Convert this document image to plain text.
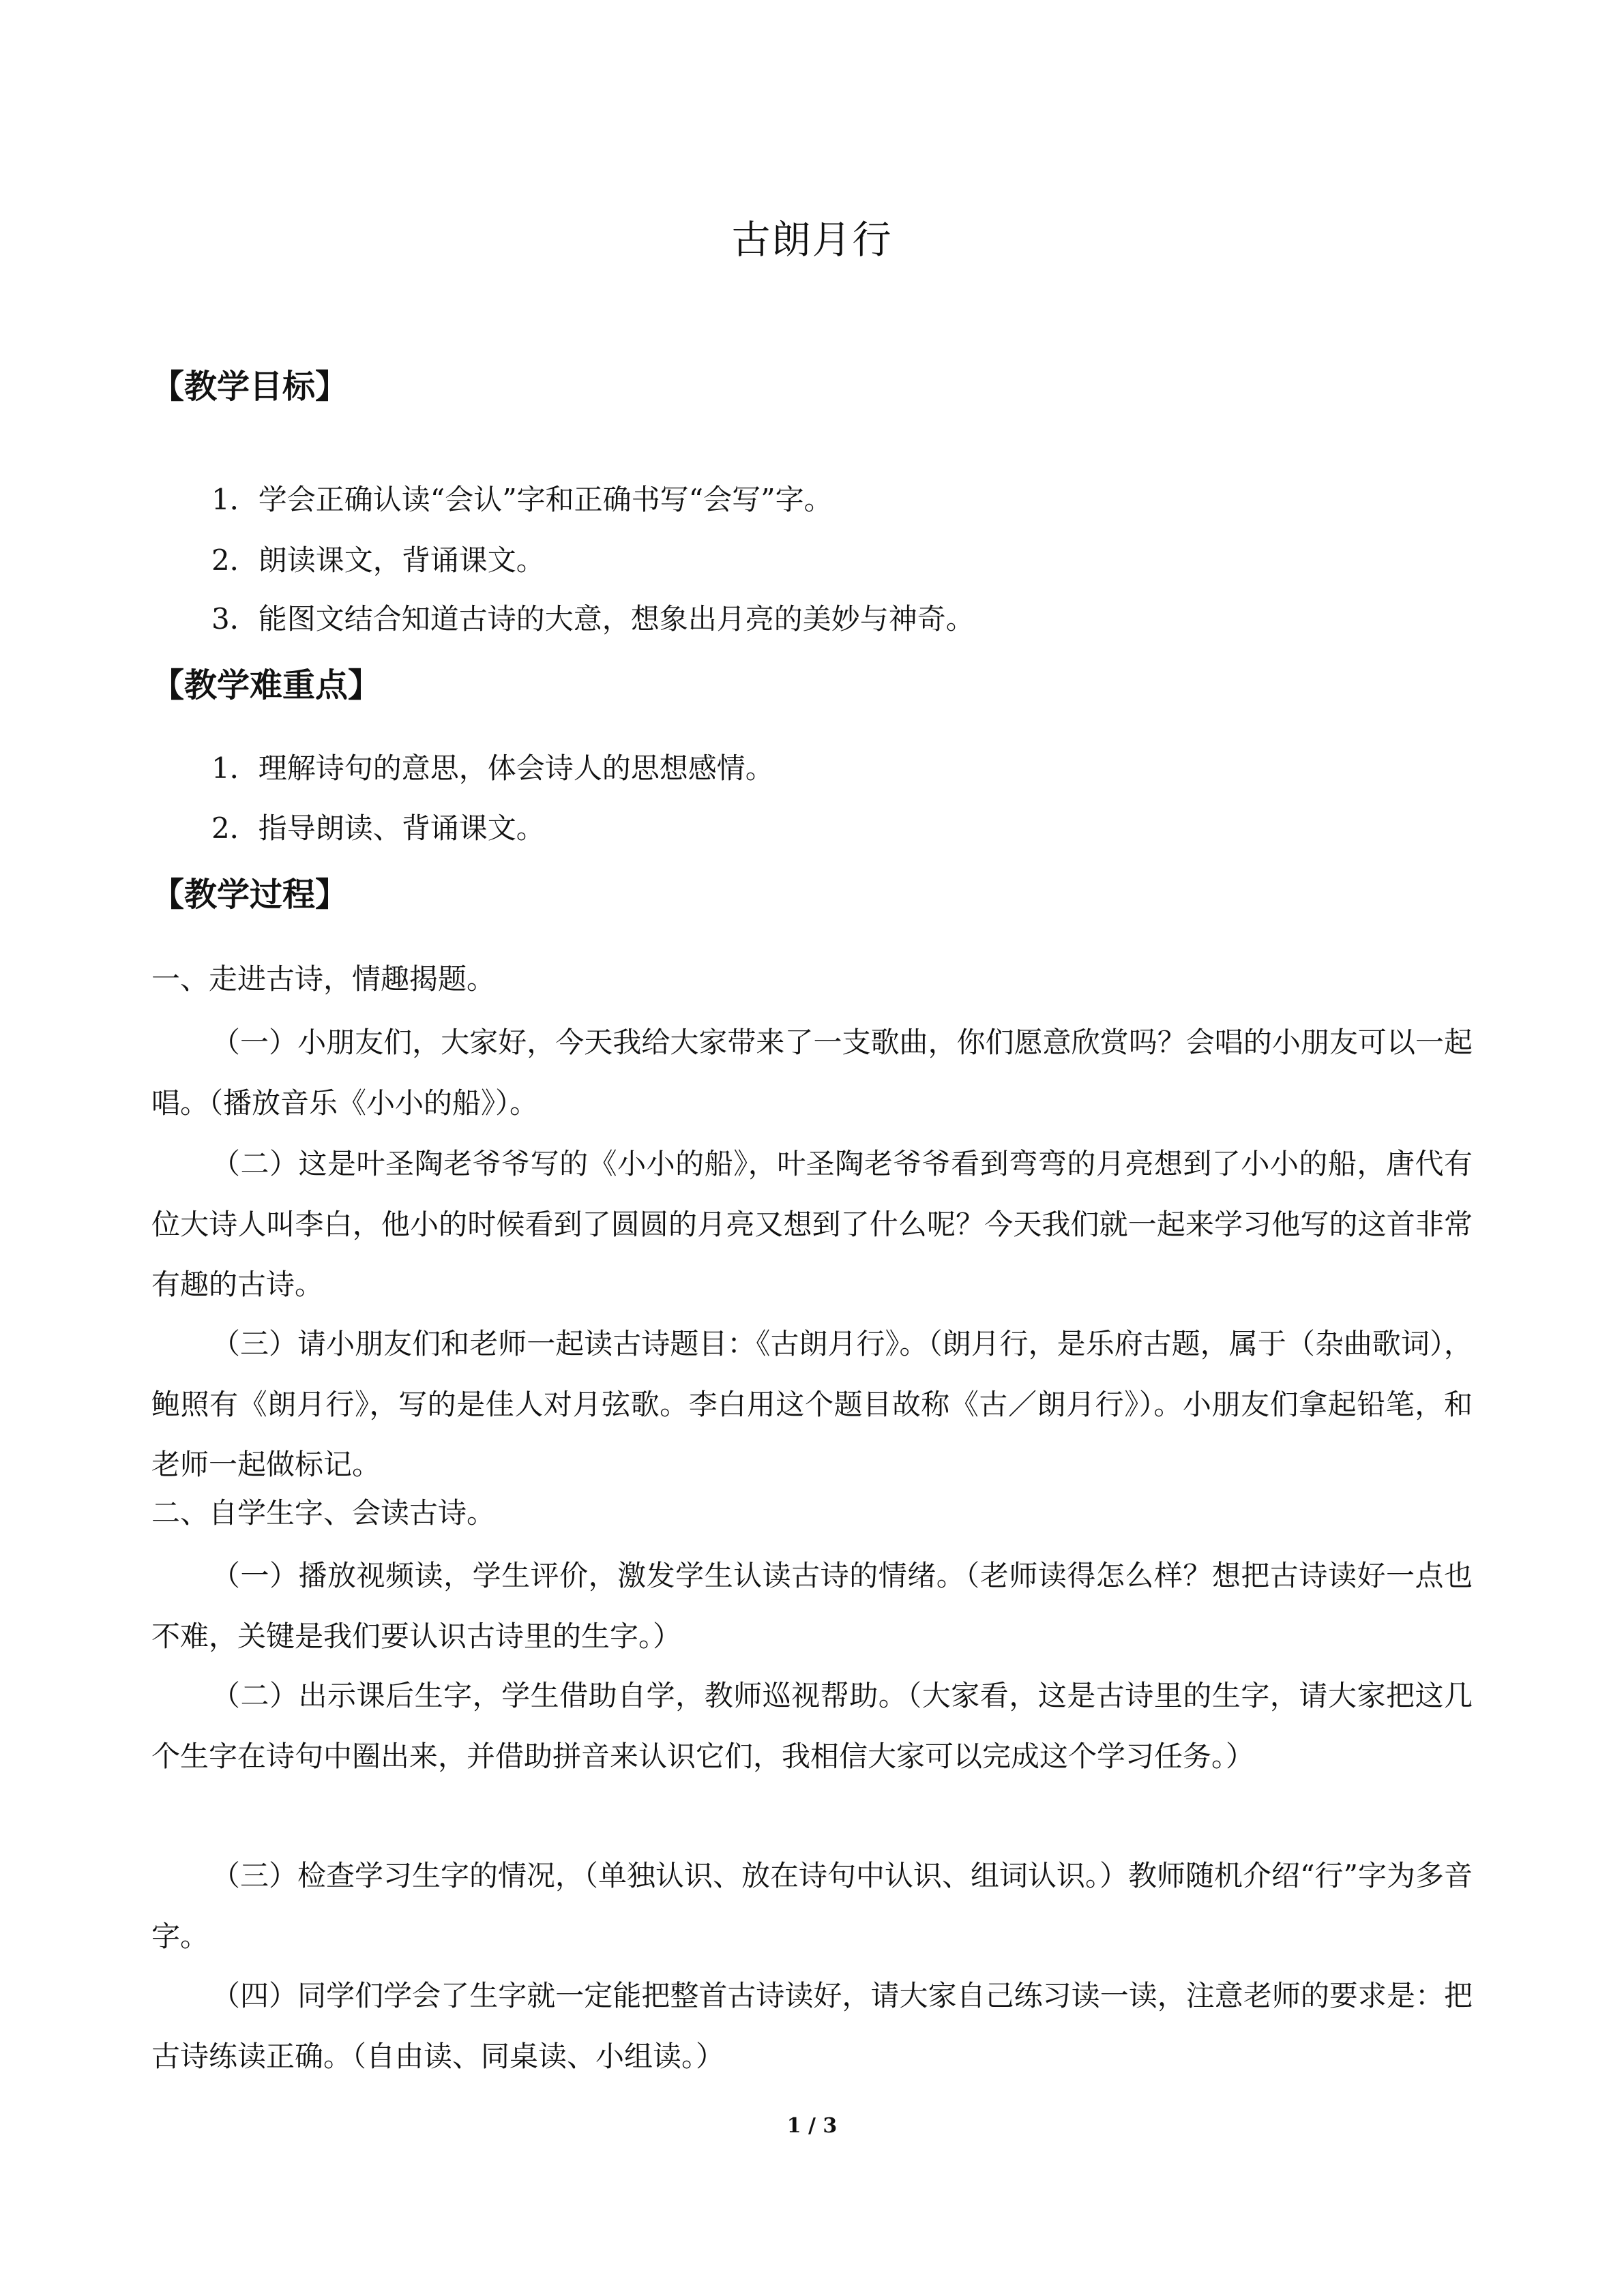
古朗月行
【教学目标】
1．学会正确认读“会认”字和正确书写“会写”字。
2．朗读课文，背诵课文。
3．能图文结合知道古诗的大意，想象出月亮的美妙与神奇。
【教学难重点】
1．理解诗句的意思，体会诗人的思想感情。
2．指导朗读、背诵课文。
【教学过程】
一、走进古诗，情趣揭题。
（一）小朋友们，大家好，今天我给大家带来了一支歌曲，你们愿意欣赏吗？会唱的小朋友可以一起唱。（播放音乐《小小的船》）。
（二）这是叶圣陶老爷爷写的《小小的船》，叶圣陶老爷爷看到弯弯的月亮想到了小小的船，唐代有位大诗人叫李白，他小的时候看到了圆圆的月亮又想到了什么呢？今天我们就一起来学习他写的这首非常有趣的古诗。
（三）请小朋友们和老师一起读古诗题目：《古朗月行》。（朗月行，是乐府古题，属于（杂曲歌词），鲍照有《朗月行》，写的是佳人对月弦歌。李白用这个题目故称《古／朗月行》）。小朋友们拿起铅笔，和老师一起做标记。
二、自学生字、会读古诗。
（一）播放视频读，学生评价，激发学生认读古诗的情绪。（老师读得怎么样？想把古诗读好一点也不难，关键是我们要认识古诗里的生字。）
（二）出示课后生字，学生借助自学，教师巡视帮助。（大家看，这是古诗里的生字，请大家把这几个生字在诗句中圈出来，并借助拼音来认识它们，我相信大家可以完成这个学习任务。）
（三）检查学习生字的情况，（单独认识、放在诗句中认识、组词认识。）教师随机介绍“行”字为多音字。
（四）同学们学会了生字就一定能把整首古诗读好，请大家自己练习读一读，注意老师的要求是：把古诗练读正确。（自由读、同桌读、小组读。）
1 / 3
